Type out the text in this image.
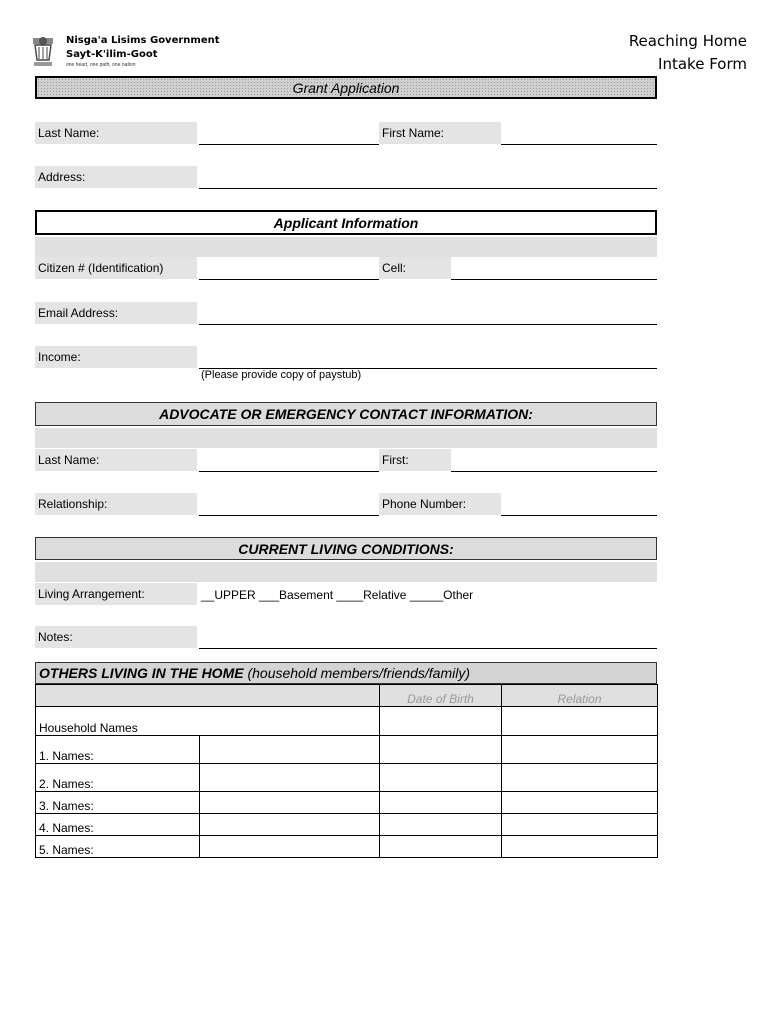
Nisga'a Lisims Government
Sayt-K'ilim-Goot
one heart, one path, one nation
Reaching Home
Intake Form
Grant Application
Last Name:	First Name:
Address:
Applicant Information
Citizen # (Identification)	Cell:
Email Address:
Income:
(Please provide copy of paystub)
ADVOCATE OR EMERGENCY CONTACT INFORMATION:
Last Name:	First:
Relationship:	Phone Number:
CURRENT LIVING CONDITIONS:
Living Arrangement:	__UPPER ___Basement ____Relative _____Other
Notes:
OTHERS LIVING IN THE HOME (household members/friends/family)
		Date of Birth	Relation
Household Names			
1. Names:			
2. Names:			
3. Names:			
4. Names:			
5. Names:			
